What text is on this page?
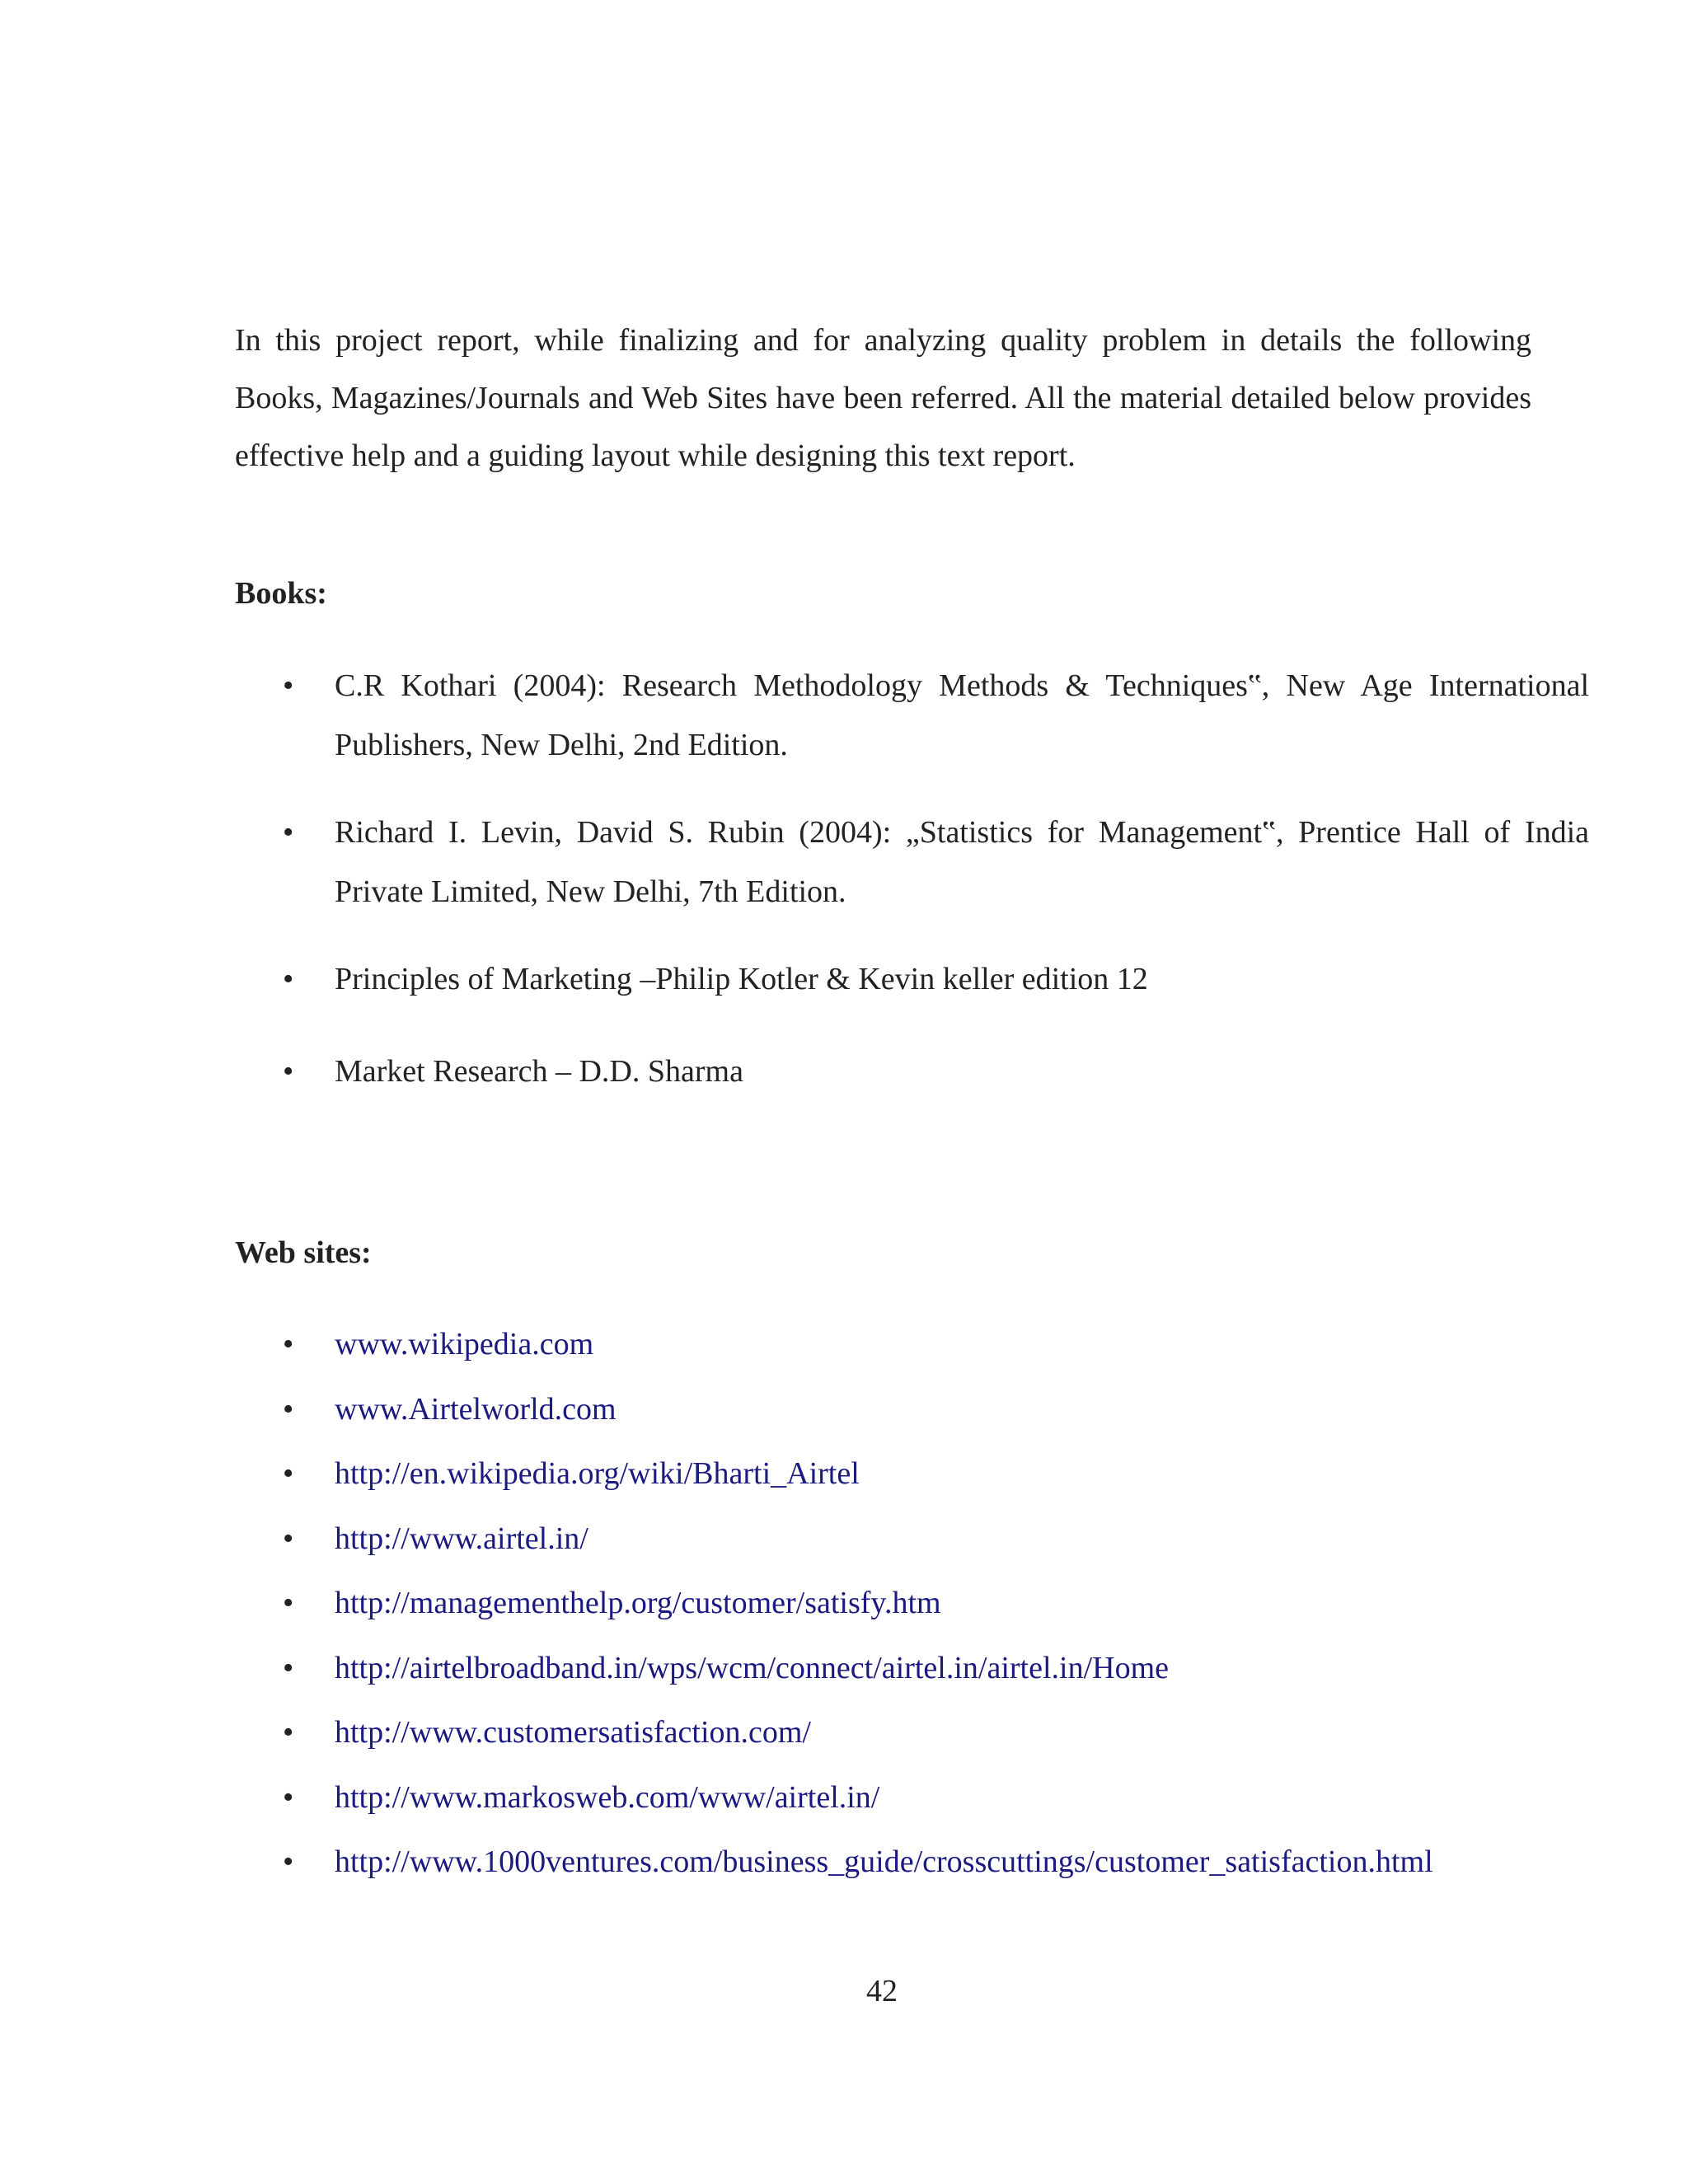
In this project report, while finalizing and for analyzing quality problem in details the following Books, Magazines/Journals and Web Sites have been referred. All the material detailed below provides effective help and a guiding layout while designing this text report.

Books:
• C.R Kothari (2004): Research Methodology Methods & Techniques‟, New Age International Publishers, New Delhi, 2nd Edition.
• Richard I. Levin, David S. Rubin (2004): „Statistics for Management‟, Prentice Hall of India Private Limited, New Delhi, 7th Edition.
• Principles of Marketing –Philip Kotler & Kevin keller edition 12
• Market Research – D.D. Sharma
Web sites:
• www.wikipedia.com
• www.Airtelworld.com
• http://en.wikipedia.org/wiki/Bharti_Airtel
• http://www.airtel.in/
• http://managementhelp.org/customer/satisfy.htm
• http://airtelbroadband.in/wps/wcm/connect/airtel.in/airtel.in/Home
• http://www.customersatisfaction.com/
• http://www.markosweb.com/www/airtel.in/
• http://www.1000ventures.com/business_guide/crosscuttings/customer_satisfaction.html

42
